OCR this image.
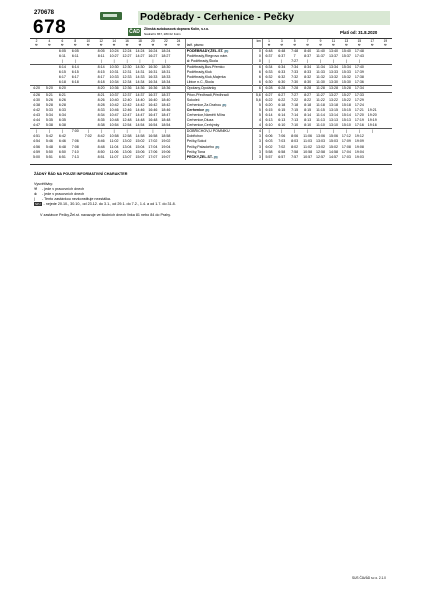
270678
678	Poděbrady - Cerhenice - Pečky
ČAD	Zlínská autobusová doprava Kolín, s.r.o.
Nádražní 867, 280 02 Kolín	Platí od: 31.8.2020
2	4	6	8	10	12	14	16	18	20	22	24		km	1	3	5	7	9	11	13	15	17	19
⚒	⚒	⚒	⚒	⚒	⚒	⚒	⚒	⚒	⚒	⚒	⚒	tarif. pásmo		⚒	⚒	⚒	⚒	⚒	⚒	⚒	⚒	⚒	⚒
		6:05	6:05		8:05	10:24	12:24	14:24	16:24	18:24		PODĚBRADY,ŽEL.ST. 🚌	0	6:48	6:48	7:48	8:40	11:40	13:40	15:40	17:48		
		6:11	6:11		8:11	10:27	12:27	14:27	16:27	18:27		Poděbrady,Riegrovo nám.	0	6:37	6:37	7	8:37	11:37	13:37	15:37	17:43		
		|	|		|	|	|	|	|	|		⊗ Poděbrady,Škola	0	|	|	7:27	|	|	|	|	|		
		6:14	6:14		8:14	10:30	12:30	14:30	16:30	18:30		Poděbrady,Bus.Přemko	6	6:34	6:34	7:34	8:34	11:34	13:34	15:34	17:40		
		6:15	6:15		8:15	10:31	12:31	14:31	16:31	18:31		Poděbrady,Kluk	6	6:33	6:33	7:33	8:33	11:33	13:33	15:33	17:39		
		6:17	6:17		8:17	10:33	12:33	14:33	16:33	18:33		Poděbrady,Kluk,Majerka	6	6:32	6:32	7:32	8:32	11:32	13:32	15:32	17:38		
		6:18	6:18		8:18	10:34	12:34	14:34	16:34	18:34		Libice n.C.,Škola	6	6:30	6:30	7:30	8:30	11:30	13:30	15:30	17:36		
4:20	5:20	6:20			8:20	10:36	12:36	14:36	16:36	18:36		Opolany,Opolánky	6	6:28	6:28	7:28	8:28	11:28	13:28	15:28	17:34		
4:26	5:21	6:21			8:21	10:37	12:37	14:37	16:37	18:37		Pňov-Předhradí,Předhradí	5,6	6:27	6:27	7:27	8:27	11:27	13:27	15:27	17:33		
4:30	5:26	6:26			8:26	10:40	12:40	14:40	16:40	18:40		Sokoleč	5,6	6:22	6:22	7:22	8:22	11:22	13:22	15:22	17:29		
4:38	5:28	6:28			8:28	10:42	12:42	14:42	16:42	18:42		Cerhenice,Za Drahou 🚌	5	6:20	6:18	7:18	8:18	11:18	13:18	15:18	17:24		
4:42	5:33	6:33			8:33	10:46	12:46	14:46	16:46	18:46		Cerhenice 🚌	5	6:15	6:15	7:15	8:15	11:15	13:15	15:15	17:21	19:21	
4:43	5:34	6:34			8:34	10:47	12:47	14:47	16:47	18:47		Cerhenice,Nárnětí Mlíra	5	6:14	6:14	7:14	8:14	11:14	13:14	15:14	17:20	19:20	
4:44	5:35	6:35			8:35	10:48	12:48	14:48	16:48	18:48		Cerhenice,Dluza	4	6:13	6:13	7:13	8:13	11:13	13:13	15:13	17:19	19:19	
4:47	5:38	6:38			8:38	10:54	12:54	14:54	16:54	18:54		Cerhenice,Cerhýnky	4	6:10	6:10	7:10	8:10	11:10	13:10	15:10	17:16	19:16	
|	|	|	7:00	|	|	|	|	|	|	|		DOBŘICHOV,U POMNÍKU	4	|	|	|	|	|	|	|	|	|	
4:51	5:42	6:42		7:02	8:42	10:58	12:58	14:58	16:58	18:58		Dobřichov	3	6:06	7:06	8:06	11:06	13:06	15:06	17:12	19:12		
4:54	5:46	6:46	7:06		8:46	11:02	13:02	15:02	17:02	19:02		Pečky,Sokol	3	6:03	7:03	8:03	11:03	13:03	15:03	17:09	19:09		
4:56	5:48	6:48	7:08		8:48	11:04	13:04	15:04	17:04	19:04		Pečky,Palackého 🚌	3	6:02	7:02	8:02	11:02	13:02	15:02	17:08	19:08		
4:59	5:50	6:50	7:10		8:50	11:06	13:06	15:06	17:06	19:06		Pečky,Tona	3	5:58	6:58	7:58	10:58	12:58	14:58	17:04	19:04		
5:00	5:51	6:51	7:13		8:51	11:07	13:07	15:07	17:07	19:07		PEČKY,ŽEL.ST. 🚌	3	5:57	6:57	7:57	10:57	12:57	14:57	17:03	19:03		
ŽÁDNÝ ŘÁD NA POUZE INFORMATIVNÍ CHARAKTER
Vysvětlivky:
⚒ - jede v pracovních dnech
⊗ - jede v pracovních dnech
| - Tento zastávkou nezkonstituje nezstálka.
SPJ - nejede 20.10., 30.10., od 23.12. do 3.1., od 29.1. do 7.2., 1.4. a od 1.7. do 31.8.
V zastávce Pečky,Žel.st. navazuje ve školních dnech linka 81 nebo 84 do Prahy.
SUS ČAVÁD s.r.o. 2.1.0
